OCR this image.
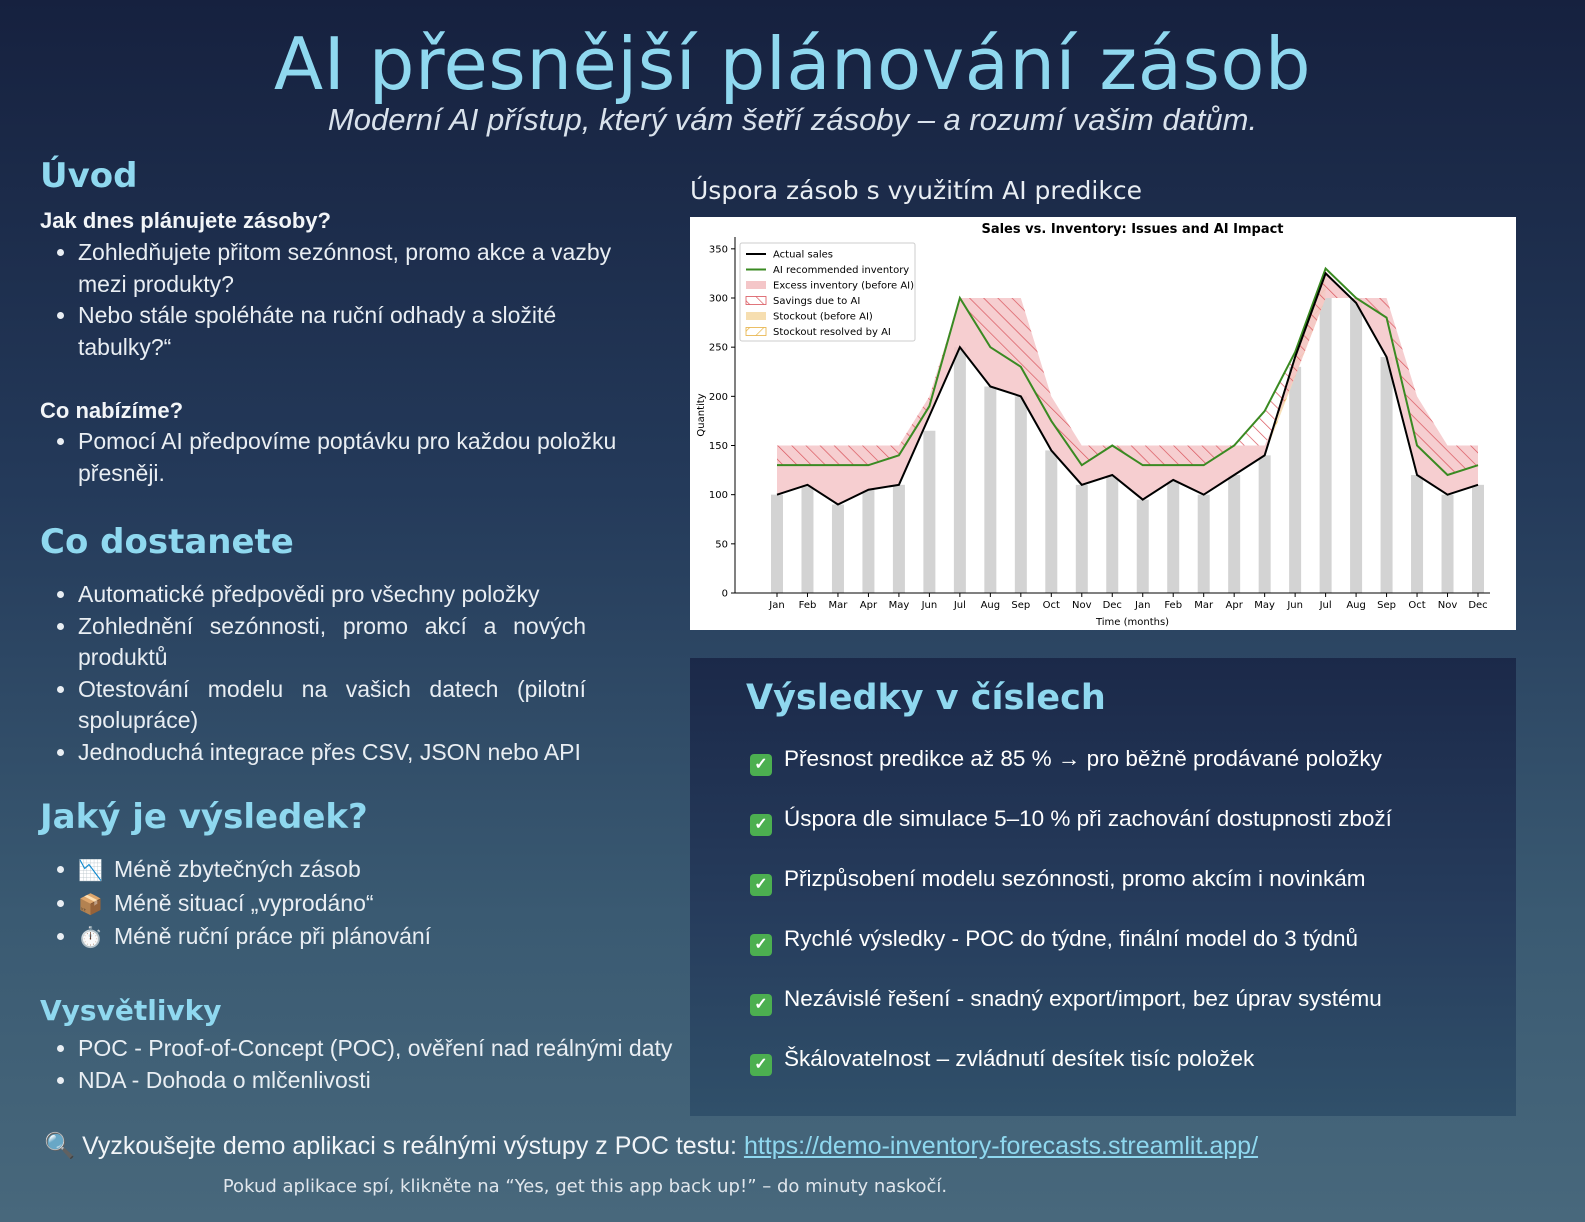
AI přesnější plánování zásob
Moderní AI přístup, který vám šetří zásoby – a rozumí vašim datům.
Úvod
Jak dnes plánujete zásoby?
• Zohledňujete přitom sezónnost, promo akce a vazby mezi produkty?
• Nebo stále spoléháte na ruční odhady a složité tabulky?“
Co nabízíme?
• Pomocí AI předpovíme poptávku pro každou položku přesněji.
Co dostanete
• Automatické předpovědi pro všechny položky
• Zohlednění sezónnosti, promo akcí a nových produktů
• Otestování modelu na vašich datech (pilotní spolupráce)
• Jednoduchá integrace přes CSV, JSON nebo API
Jaký je výsledek?
• 📉 Méně zbytečných zásob
• 📦 Méně situací „vyprodáno“
• ⏱️ Méně ruční práce při plánování
Vysvětlivky
• POC - Proof-of-Concept (POC), ověření nad reálnými daty
• NDA - Dohoda o mlčenlivosti
Úspora zásob s využitím AI predikce
0
50
100
150
200
250
300
350
Jan Feb Mar Apr May Jun Jul Aug Sep Oct Nov Dec Jan Feb Mar Apr May Jun Jul Aug Sep Oct Nov Dec
Sales vs. Inventory: Issues and AI Impact
Time (months)
Quantity
Actual sales
AI recommended inventory
Excess inventory (before AI)
Savings due to AI
Stockout (before AI)
Stockout resolved by AI
Výsledky v číslech
✓ Přesnost predikce až 85 % → pro běžně prodávané položky
✓ Úspora dle simulace 5–10 % při zachování dostupnosti zboží
✓ Přizpůsobení modelu sezónnosti, promo akcím i novinkám
✓ Rychlé výsledky - POC do týdne, finální model do 3 týdnů
✓ Nezávislé řešení - snadný export/import, bez úprav systému
✓ Škálovatelnost – zvládnutí desítek tisíc položek
🔍 Vyzkoušejte demo aplikaci s reálnými výstupy z POC testu: https://demo-inventory-forecasts.streamlit.app/
Pokud aplikace spí, klikněte na “Yes, get this app back up!” – do minuty naskočí.
